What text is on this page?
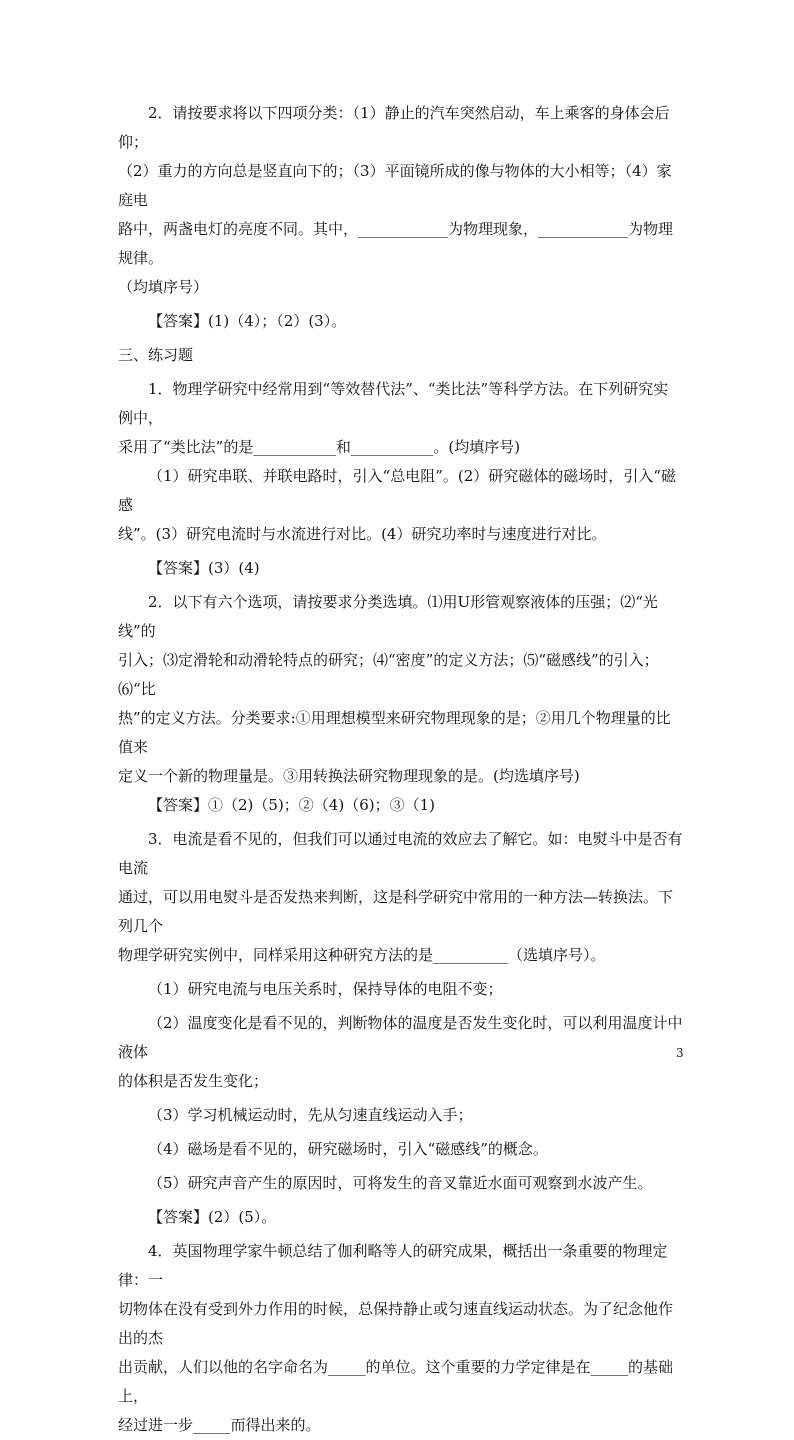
2．请按要求将以下四项分类：（1）静止的汽车突然启动，车上乘客的身体会后仰；

（2）重力的方向总是竖直向下的；（3）平面镜所成的像与物体的大小相等；（4）家庭电

路中，两盏电灯的亮度不同。其中，____________为物理现象，____________为物理规律。

（均填序号）

【答案】(1)（4）；（2）(3）。

三、练习题

1．物理学研究中经常用到“等效替代法”、“类比法”等科学方法。在下列研究实例中，

采用了“类比法”的是___________和___________。(均填序号)

（1）研究串联、并联电路时，引入“总电阻”。(2）研究磁体的磁场时，引入“磁感

线”。(3）研究电流时与水流进行对比。(4）研究功率时与速度进行对比。

【答案】(3）(4)

2．以下有六个选项，请按要求分类选填。⑴用U形管观察液体的压强；⑵“光线”的

引入；⑶定滑轮和动滑轮特点的研究；⑷“密度”的定义方法；⑸“磁感线”的引入；⑹“比

热”的定义方法。分类要求:①用理想模型来研究物理现象的是；②用几个物理量的比值来

定义一个新的物理量是。③用转换法研究物理现象的是。(均选填序号)

【答案】①（2)（5)；②（4)（6)；③（1)

3．电流是看不见的，但我们可以通过电流的效应去了解它。如：电熨斗中是否有电流

通过，可以用电熨斗是否发热来判断，这是科学研究中常用的一种方法—转换法。下列几个

物理学研究实例中，同样采用这种研究方法的是__________（选填序号）。

（1）研究电流与电压关系时，保持导体的电阻不变；

（2）温度变化是看不见的，判断物体的温度是否发生变化时，可以利用温度计中液体

的体积是否发生变化；

（3）学习机械运动时，先从匀速直线运动入手；

（4）磁场是看不见的，研究磁场时，引入“磁感线”的概念。

（5）研究声音产生的原因时，可将发生的音叉靠近水面可观察到水波产生。

【答案】(2）(5）。

4．英国物理学家牛顿总结了伽利略等人的研究成果，概括出一条重要的物理定律：一

切物体在没有受到外力作用的时候，总保持静止或匀速直线运动状态。为了纪念他作出的杰

出贡献，人们以他的名字命名为_____的单位。这个重要的力学定律是在_____的基础上，

经过进一步_____而得出来的。

3
